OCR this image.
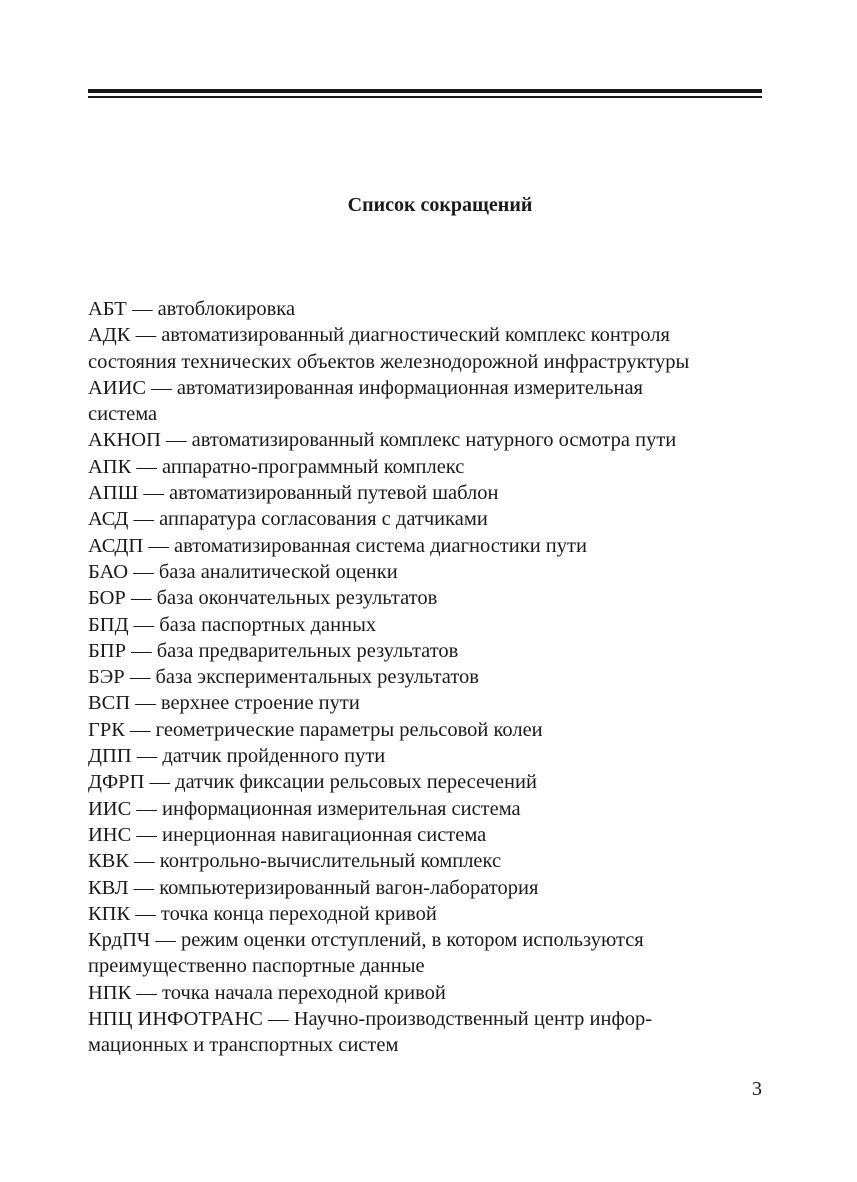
Список сокращений
АБТ — автоблокировка
АДК — автоматизированный диагностический комплекс контроля
состояния технических объектов железнодорожной инфраструктуры
АИИС — автоматизированная информационная измерительная
система
АКНОП — автоматизированный комплекс натурного осмотра пути
АПК — аппаратно-программный комплекс
АПШ — автоматизированный путевой шаблон
АСД — аппаратура согласования с датчиками
АСДП — автоматизированная система диагностики пути
БАО — база аналитической оценки
БОР — база окончательных результатов
БПД — база паспортных данных
БПР — база предварительных результатов
БЭР — база экспериментальных результатов
ВСП — верхнее строение пути
ГРК — геометрические параметры рельсовой колеи
ДПП — датчик пройденного пути
ДФРП — датчик фиксации рельсовых пересечений
ИИС — информационная измерительная система
ИНС — инерционная навигационная система
КВК — контрольно-вычислительный комплекс
КВЛ — компьютеризированный вагон-лаборатория
КПК — точка конца переходной кривой
КрдПЧ — режим оценки отступлений, в котором используются
преимущественно паспортные данные
НПК — точка начала переходной кривой
НПЦ ИНФОТРАНС — Научно-производственный центр инфор-
мационных и транспортных систем
3
